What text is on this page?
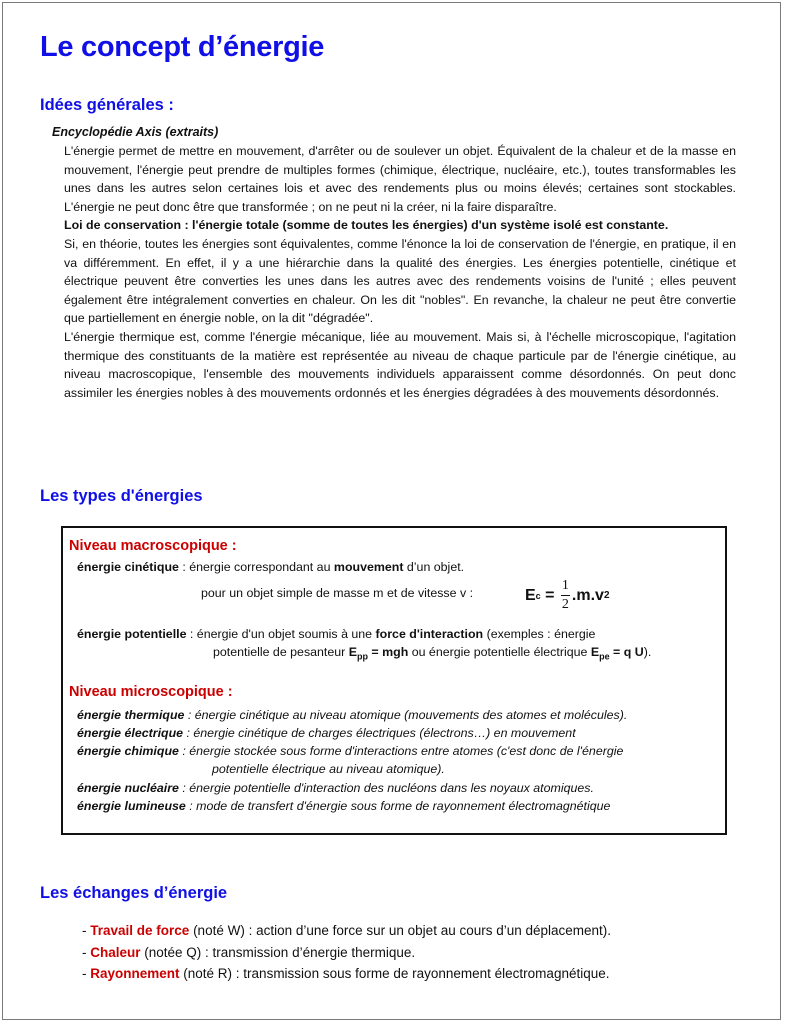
Le concept d’énergie
Idées générales :
Encyclopédie Axis (extraits)

L'énergie permet de mettre en mouvement, d'arrêter ou de soulever un objet. Équivalent de la chaleur et de la masse en mouvement, l'énergie peut prendre de multiples formes (chimique, électrique, nucléaire, etc.), toutes transformables les unes dans les autres selon certaines lois et avec des rendements plus ou moins élevés; certaines sont stockables. L'énergie ne peut donc être que transformée ; on ne peut ni la créer, ni la faire disparaître.

Loi de conservation : l'énergie totale (somme de toutes les énergies) d'un système isolé est constante.

Si, en théorie, toutes les énergies sont équivalentes, comme l'énonce la loi de conservation de l'énergie, en pratique, il en va différemment. En effet, il y a une hiérarchie dans la qualité des énergies. Les énergies potentielle, cinétique et électrique peuvent être converties les unes dans les autres avec des rendements voisins de l'unité ; elles peuvent également être intégralement converties en chaleur. On les dit "nobles". En revanche, la chaleur ne peut être convertie que partiellement en énergie noble, on la dit "dégradée".

L'énergie thermique est, comme l'énergie mécanique, liée au mouvement. Mais si, à l'échelle microscopique, l'agitation thermique des constituants de la matière est représentée au niveau de chaque particule par de l'énergie cinétique, au niveau macroscopique, l'ensemble des mouvements individuels apparaissent comme désordonnés. On peut donc assimiler les énergies nobles à des mouvements ordonnés et les énergies dégradées à des mouvements désordonnés.

Les types d'énergies
Niveau macroscopique :
énergie cinétique : énergie correspondant au mouvement d’un objet.
pour un objet simple de masse m et de vitesse v :	E $c = \frac{1}{2} .m.v$ 2
énergie potentielle : énergie d'un objet soumis à une force d'interaction (exemples : énergie
potentielle de pesanteur $E_{pp}$ = mgh ou énergie potentielle électrique $E_{pe} = q$ U).
Niveau microscopique :
énergie thermique : énergie cinétique au niveau atomique (mouvements des atomes et molécules).
énergie électrique : énergie cinétique de charges électriques (électrons…) en mouvement
énergie chimique : énergie stockée sous forme d'interactions entre atomes (c'est donc de l'énergie
potentielle électrique au niveau atomique).
énergie nucléaire : énergie potentielle d'interaction des nucléons dans les noyaux atomiques.
énergie lumineuse : mode de transfert d'énergie sous forme de rayonnement électromagnétique
Les échanges d’énergie
- Travail de force (noté W) : action d’une force sur un objet au cours d’un déplacement).
- Chaleur (notée Q) : transmission d’énergie thermique.
- Rayonnement (noté R) : transmission sous forme de rayonnement électromagnétique.
